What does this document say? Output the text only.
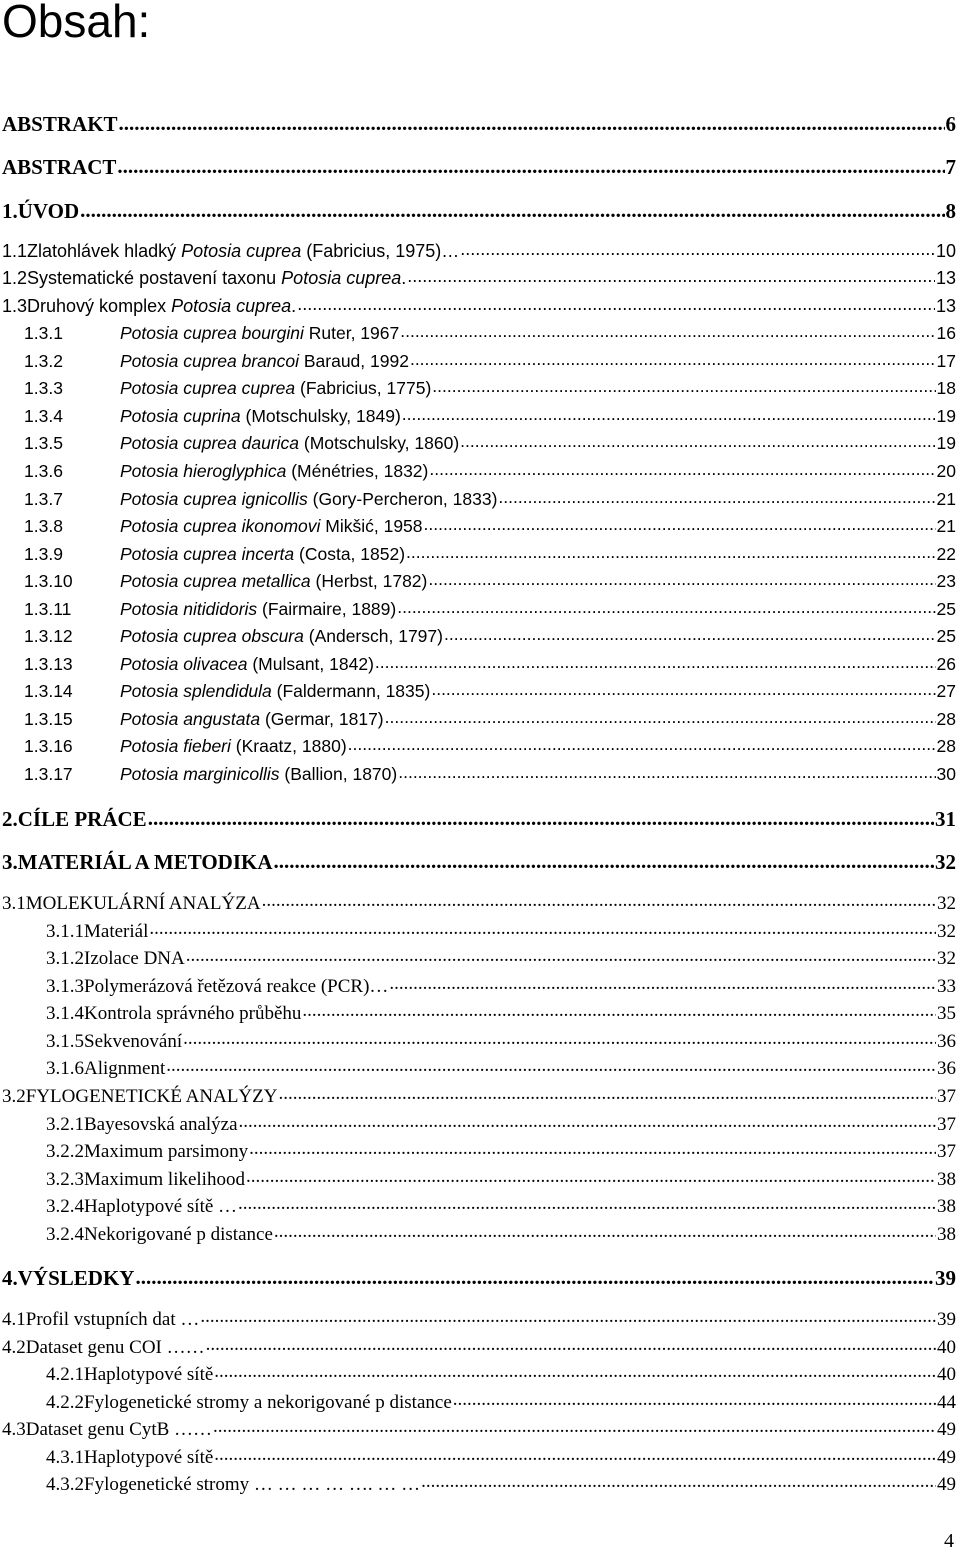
Obsah:
ABSTRAKT .....	6
ABSTRACT .....	7
1. ÚVOD .....	8
1.1 Zlatohlávek hladký Potosia cuprea (Fabricius, 1975)… .....	10
1.2 Systematické postavení taxonu Potosia cuprea. .....	13
1.3 Druhový komplex Potosia cuprea. .....	13
1.3.1	Potosia cuprea bourgini Ruter, 1967 .....	16
1.3.2	Potosia cuprea brancoi Baraud, 1992 .....	17
1.3.3	Potosia cuprea cuprea (Fabricius, 1775) .....	18
1.3.4	Potosia cuprina (Motschulsky, 1849) .....	19
1.3.5	Potosia cuprea daurica (Motschulsky, 1860) .....	19
1.3.6	Potosia hieroglyphica (Ménétries, 1832) .....	20
1.3.7	Potosia cuprea ignicollis (Gory-Percheron, 1833) .....	21
1.3.8	Potosia cuprea ikonomovi Mikšić, 1958 .....	21
1.3.9	Potosia cuprea incerta (Costa, 1852) .....	22
1.3.10	Potosia cuprea metallica (Herbst, 1782) .....	23
1.3.11	Potosia nitididoris (Fairmaire, 1889) .....	25
1.3.12	Potosia cuprea obscura (Andersch, 1797) .....	25
1.3.13	Potosia olivacea (Mulsant, 1842) .....	26
1.3.14	Potosia splendidula (Faldermann, 1835) .....	27
1.3.15	Potosia angustata (Germar, 1817) .....	28
1.3.16	Potosia fieberi (Kraatz, 1880) .....	28
1.3.17	Potosia marginicollis (Ballion, 1870) .....	30
2. CÍLE PRÁCE .....	31
3. MATERIÁL A METODIKA .....	32
3.1 MOLEKULÁRNÍ ANALÝZA .....	32
3.1.1 Materiál .....	32
3.1.2 Izolace DNA .....	32
3.1.3 Polymerázová řetězová reakce (PCR)… .....	33
3.1.4 Kontrola správného průběhu .....	35
3.1.5 Sekvenování .....	36
3.1.6 Alignment .....	36
3.2 FYLOGENETICKÉ ANALÝZY .....	37
3.2.1 Bayesovská analýza .....	37
3.2.2 Maximum parsimony .....	37
3.2.3 Maximum likelihood .....	38
3.2.4 Haplotypové sítě … .....	38
3.2.4 Nekorigované p distance .....	38
4. VÝSLEDKY .....	39
4.1 Profil vstupních dat … .....	39
4.2 Dataset genu COI …… .....	40
4.2.1 Haplotypové sítě .....	40
4.2.2 Fylogenetické stromy a nekorigované p distance .....	44
4.3 Dataset genu CytB …… .....	49
4.3.1 Haplotypové sítě .....	49
4.3.2 Fylogenetické stromy … … … … …. … … .....	49
4
